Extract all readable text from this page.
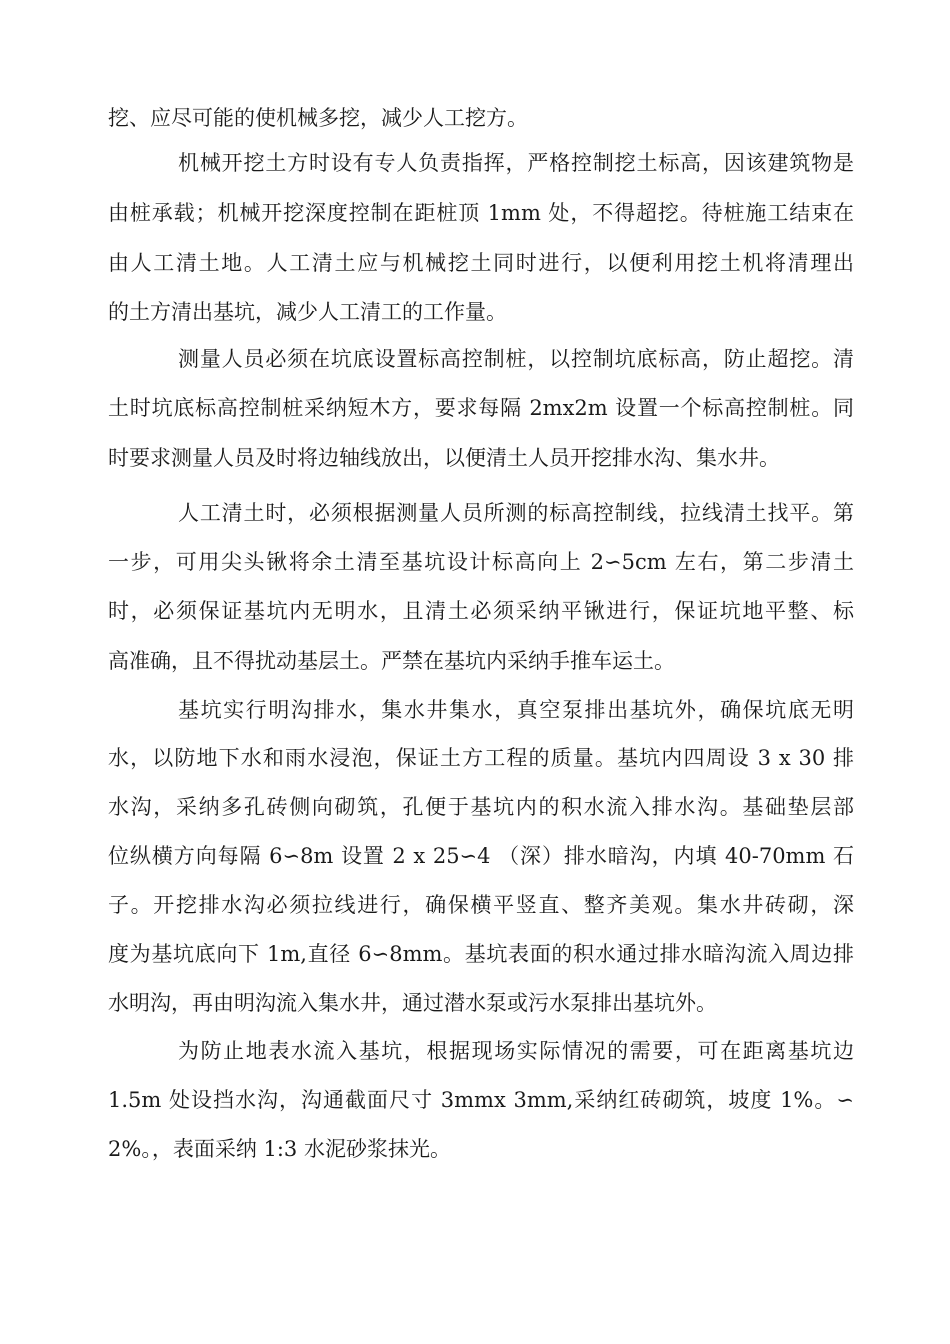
挖、应尽可能的使机械多挖，减少人工挖方。
机械开挖土方时设有专人负责指挥，严格控制挖土标高，因该建筑物是
由桩承载；机械开挖深度控制在距桩顶 1mm 处，不得超挖。待桩施工结束在
由人工清土地。人工清土应与机械挖土同时进行，以便利用挖土机将清理出
的土方清出基坑，减少人工清工的工作量。
测量人员必须在坑底设置标高控制桩，以控制坑底标高，防止超挖。清
土时坑底标高控制桩采纳短木方，要求每隔 2mx2m 设置一个标高控制桩。同
时要求测量人员及时将边轴线放出，以便清土人员开挖排水沟、集水井。
人工清土时，必须根据测量人员所测的标高控制线，拉线清土找平。第
一步，可用尖头锹将余土清至基坑设计标高向上 2∽5cm 左右，第二步清土
时，必须保证基坑内无明水，且清土必须采纳平锹进行，保证坑地平整、标
高准确，且不得扰动基层土。严禁在基坑内采纳手推车运土。
基坑实行明沟排水，集水井集水，真空泵排出基坑外，确保坑底无明
水，以防地下水和雨水浸泡，保证土方工程的质量。基坑内四周设 3 x 30 排
水沟，采纳多孔砖侧向砌筑，孔便于基坑内的积水流入排水沟。基础垫层部
位纵横方向每隔 6∽8m 设置 2 x 25∽4 （深）排水暗沟，内填 40-70mm 石
子。开挖排水沟必须拉线进行，确保横平竖直、整齐美观。集水井砖砌，深
度为基坑底向下 1m,直径 6∽8mm。基坑表面的积水通过排水暗沟流入周边排
水明沟，再由明沟流入集水井，通过潜水泵或污水泵排出基坑外。
为防止地表水流入基坑，根据现场实际情况的需要，可在距离基坑边
1.5m 处设挡水沟，沟通截面尺寸 3mmx 3mm,采纳红砖砌筑，坡度 1%。∽
2%。，表面采纳 1:3 水泥砂浆抹光。
